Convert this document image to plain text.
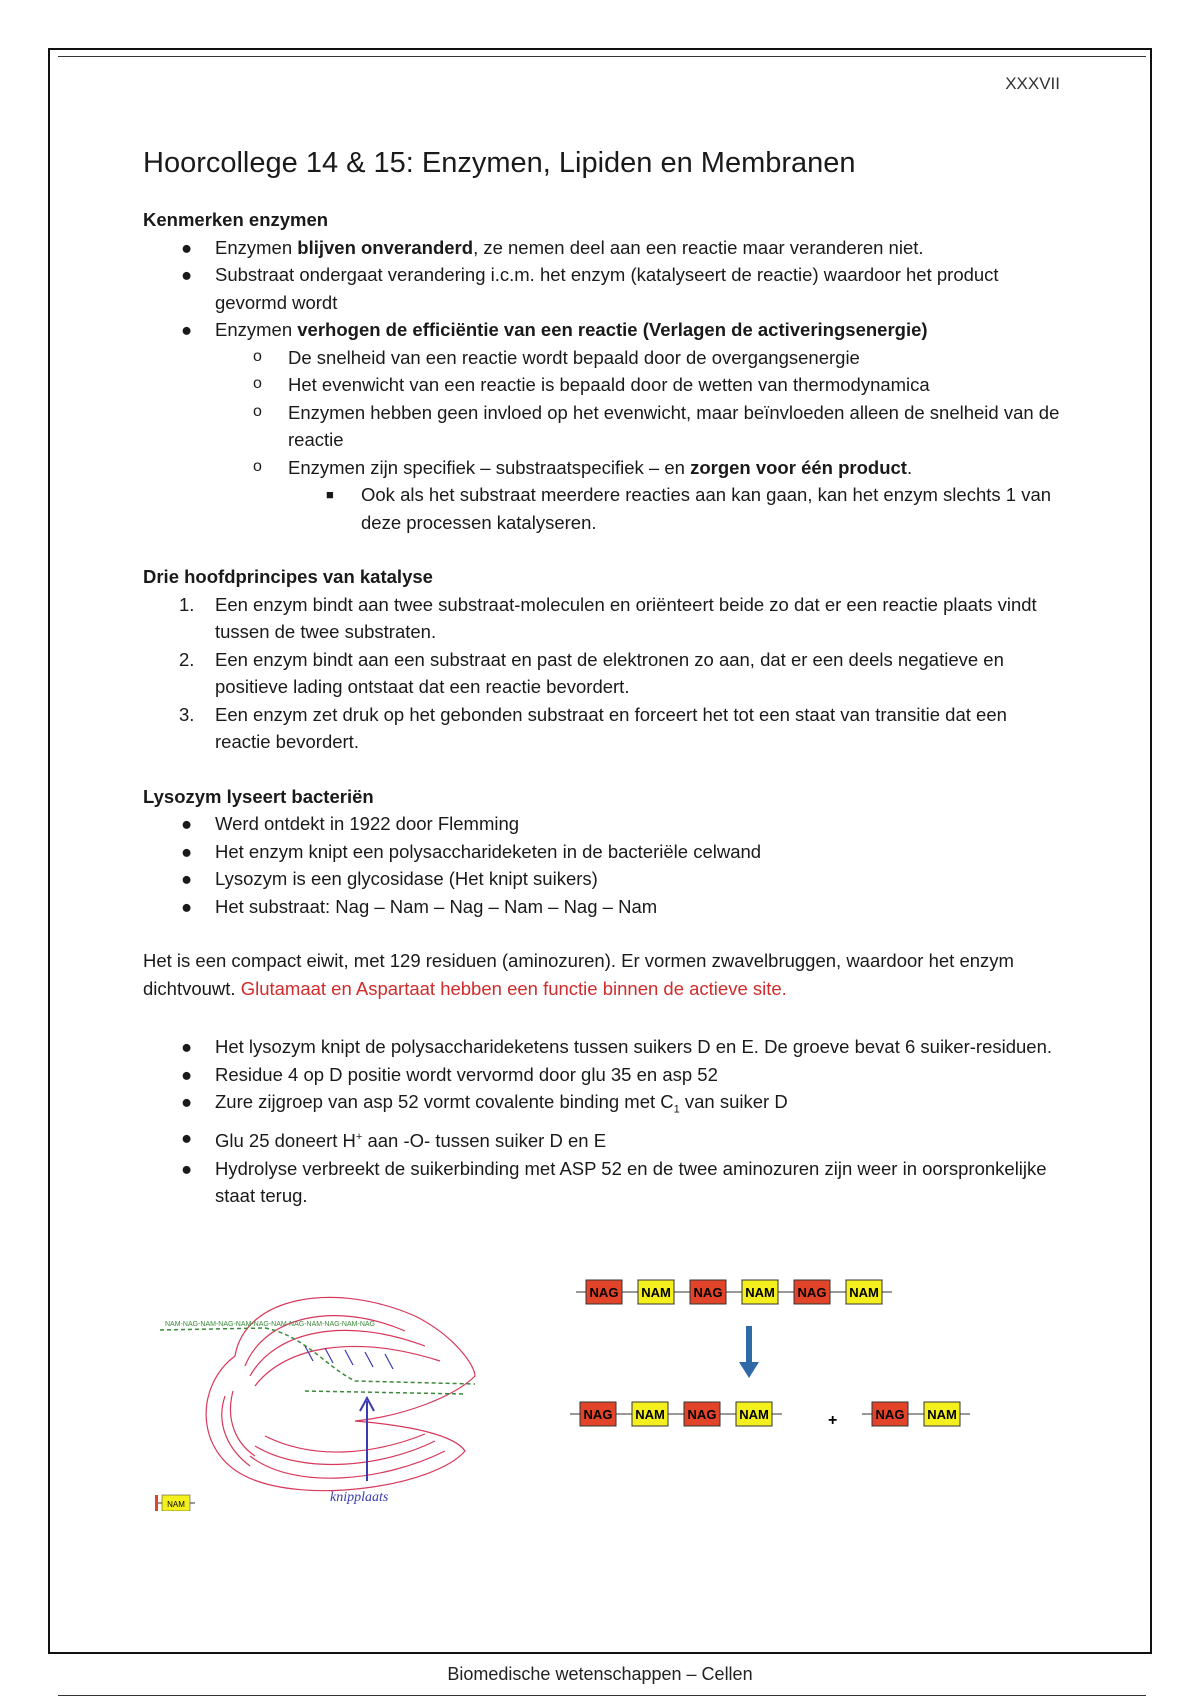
XXXVII
Hoorcollege 14 & 15: Enzymen, Lipiden en Membranen
Kenmerken enzymen
● Enzymen blijven onveranderd, ze nemen deel aan een reactie maar veranderen niet.
● Substraat ondergaat verandering i.c.m. het enzym (katalyseert de reactie) waardoor het product gevormd wordt
● Enzymen verhogen de efficiëntie van een reactie (Verlagen de activeringsenergie)
o De snelheid van een reactie wordt bepaald door de overgangsenergie
o Het evenwicht van een reactie is bepaald door de wetten van thermodynamica
o Enzymen hebben geen invloed op het evenwicht, maar beïnvloeden alleen de snelheid van de reactie
o Enzymen zijn specifiek – substraatspecifiek – en zorgen voor één product.
■ Ook als het substraat meerdere reacties aan kan gaan, kan het enzym slechts 1 van deze processen katalyseren.
Drie hoofdprincipes van katalyse
1. Een enzym bindt aan twee substraat-moleculen en oriënteert beide zo dat er een reactie plaats vindt tussen de twee substraten.
2. Een enzym bindt aan een substraat en past de elektronen zo aan, dat er een deels negatieve en positieve lading ontstaat dat een reactie bevordert.
3. Een enzym zet druk op het gebonden substraat en forceert het tot een staat van transitie dat een reactie bevordert.
Lysozym lyseert bacteriën
● Werd ontdekt in 1922 door Flemming
● Het enzym knipt een polysaccharideketen in de bacteriële celwand
● Lysozym is een glycosidase (Het knipt suikers)
● Het substraat: Nag – Nam – Nag – Nam – Nag – Nam

Het is een compact eiwit, met 129 residuen (aminozuren). Er vormen zwavelbruggen, waardoor het enzym dichtvouwt. Glutamaat en Aspartaat hebben een functie binnen de actieve site.

● Het lysozym knipt de polysaccharideketens tussen suikers D en E. De groeve bevat 6 suiker-residuen.
● Residue 4 op D positie wordt vervormd door glu 35 en asp 52
● Zure zijgroep van asp 52 vormt covalente binding met $C_1$ van suiker D
● Glu 25 doneert H+ aan -O- tussen suiker D en E
● Hydrolyse verbreekt de suikerbinding met ASP 52 en de twee aminozuren zijn weer in oorspronkelijke staat terug.
NAM-NAG-NAM-NAG-NAM-NAG-NAM-NAG-NAM-NAG-NAM-NAG
knipplaats
NAM
NAG NAM NAG NAM NAG NAM
NAG NAM NAG NAM	+	NAG NAM
Biomedische wetenschappen – Cellen
